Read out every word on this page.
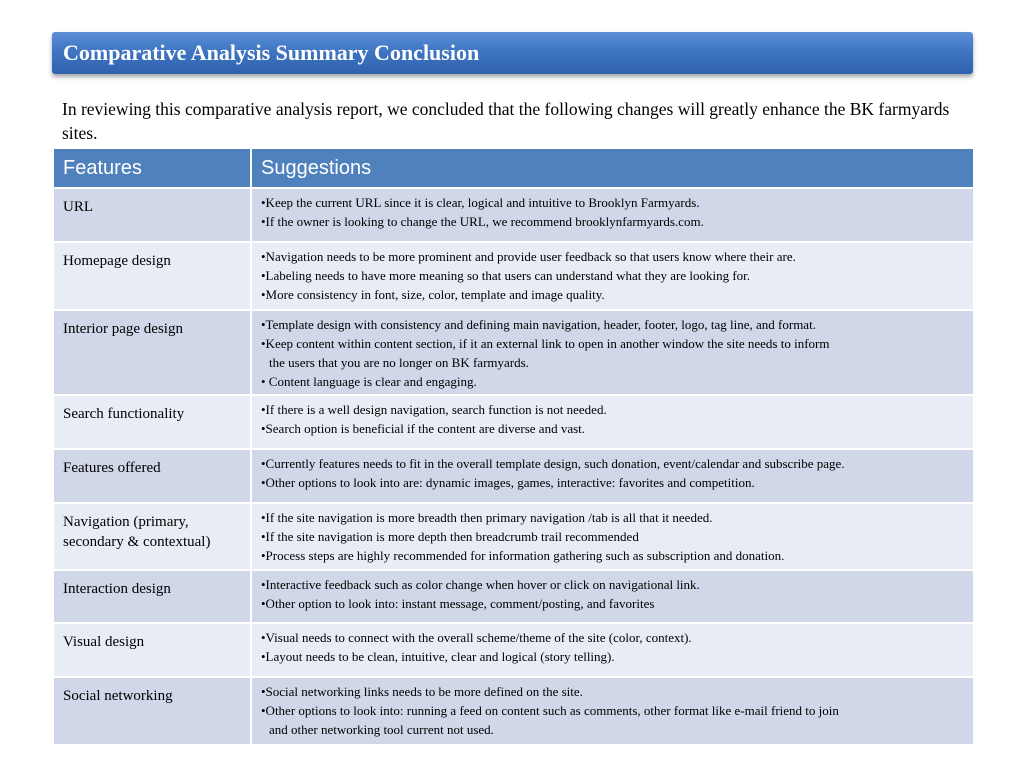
Comparative Analysis Summary Conclusion
In reviewing this comparative analysis report, we concluded that the following changes will greatly enhance the BK farmyards sites.
Features	Suggestions
URL	•Keep the current URL since it is clear, logical and intuitive to Brooklyn Farmyards.
•If the owner is looking to change the URL, we recommend brooklynfarmyards.com.

Homepage design	•Navigation needs to be more prominent and provide user feedback so that users know where their are.
•Labeling needs to have more meaning so that users can understand what they are looking for.
•More consistency in font, size, color, template and image quality.

Interior page design	•Template design with consistency and defining main navigation, header, footer, logo, tag line, and format.
•Keep content within content section, if it an external link to open in another window the site needs to inform
the users that you are no longer on BK farmyards.
• Content language is clear and engaging.

Search functionality	•If there is a well design navigation, search function is not needed.
•Search option is beneficial if the content are diverse and vast.

Features offered	•Currently features needs to fit in the overall template design, such donation, event/calendar and subscribe page.
•Other options to look into are: dynamic images, games, interactive: favorites and competition.

Navigation (primary, secondary & contextual)	•If the site navigation is more breadth then primary navigation /tab is all that it needed.
•If the site navigation is more depth then breadcrumb trail recommended
•Process steps are highly recommended for information gathering such as subscription and donation.

Interaction design	•Interactive feedback such as color change when hover or click on navigational link.
•Other option to look into: instant message, comment/posting, and favorites

Visual design	•Visual needs to connect with the overall scheme/theme of the site (color, context).
•Layout needs to be clean, intuitive, clear and logical (story telling).

Social networking	•Social networking links needs to be more defined on the site.
•Other options to look into: running a feed on content such as comments, other format like e-mail friend to join
and other networking tool current not used.
